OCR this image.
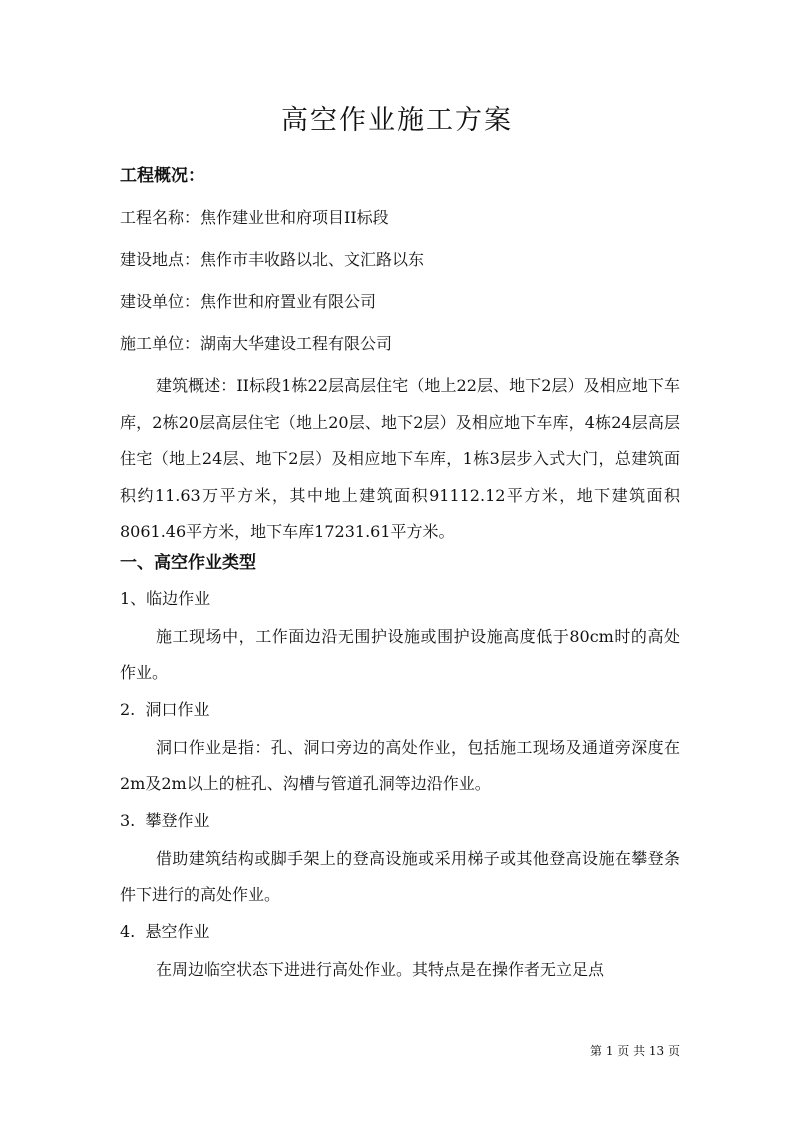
高空作业施工方案
工程概况：
工程名称：焦作建业世和府项目II标段
建设地点：焦作市丰收路以北、文汇路以东
建设单位：焦作世和府置业有限公司
施工单位：湖南大华建设工程有限公司

建筑概述：II标段1栋22层高层住宅（地上22层、地下2层）及相应地下车库，2栋20层高层住宅（地上20层、地下2层）及相应地下车库，4栋24层高层住宅（地上24层、地下2层）及相应地下车库，1栋3层步入式大门，总建筑面积约11.63万平方米，其中地上建筑面积91112.12平方米，地下建筑面积8061.46平方米，地下车库17231.61平方米。

一、高空作业类型
1、临边作业

施工现场中，工作面边沿无围护设施或围护设施高度低于80cm时的高处作业。

2.  洞口作业

洞口作业是指：孔、洞口旁边的高处作业，包括施工现场及通道旁深度在2m及2m以上的桩孔、沟槽与管道孔洞等边沿作业。

3.  攀登作业

借助建筑结构或脚手架上的登高设施或采用梯子或其他登高设施在攀登条件下进行的高处作业。

4.  悬空作业

在周边临空状态下进进行高处作业。其特点是在操作者无立足点

第 1 页 共 13 页
